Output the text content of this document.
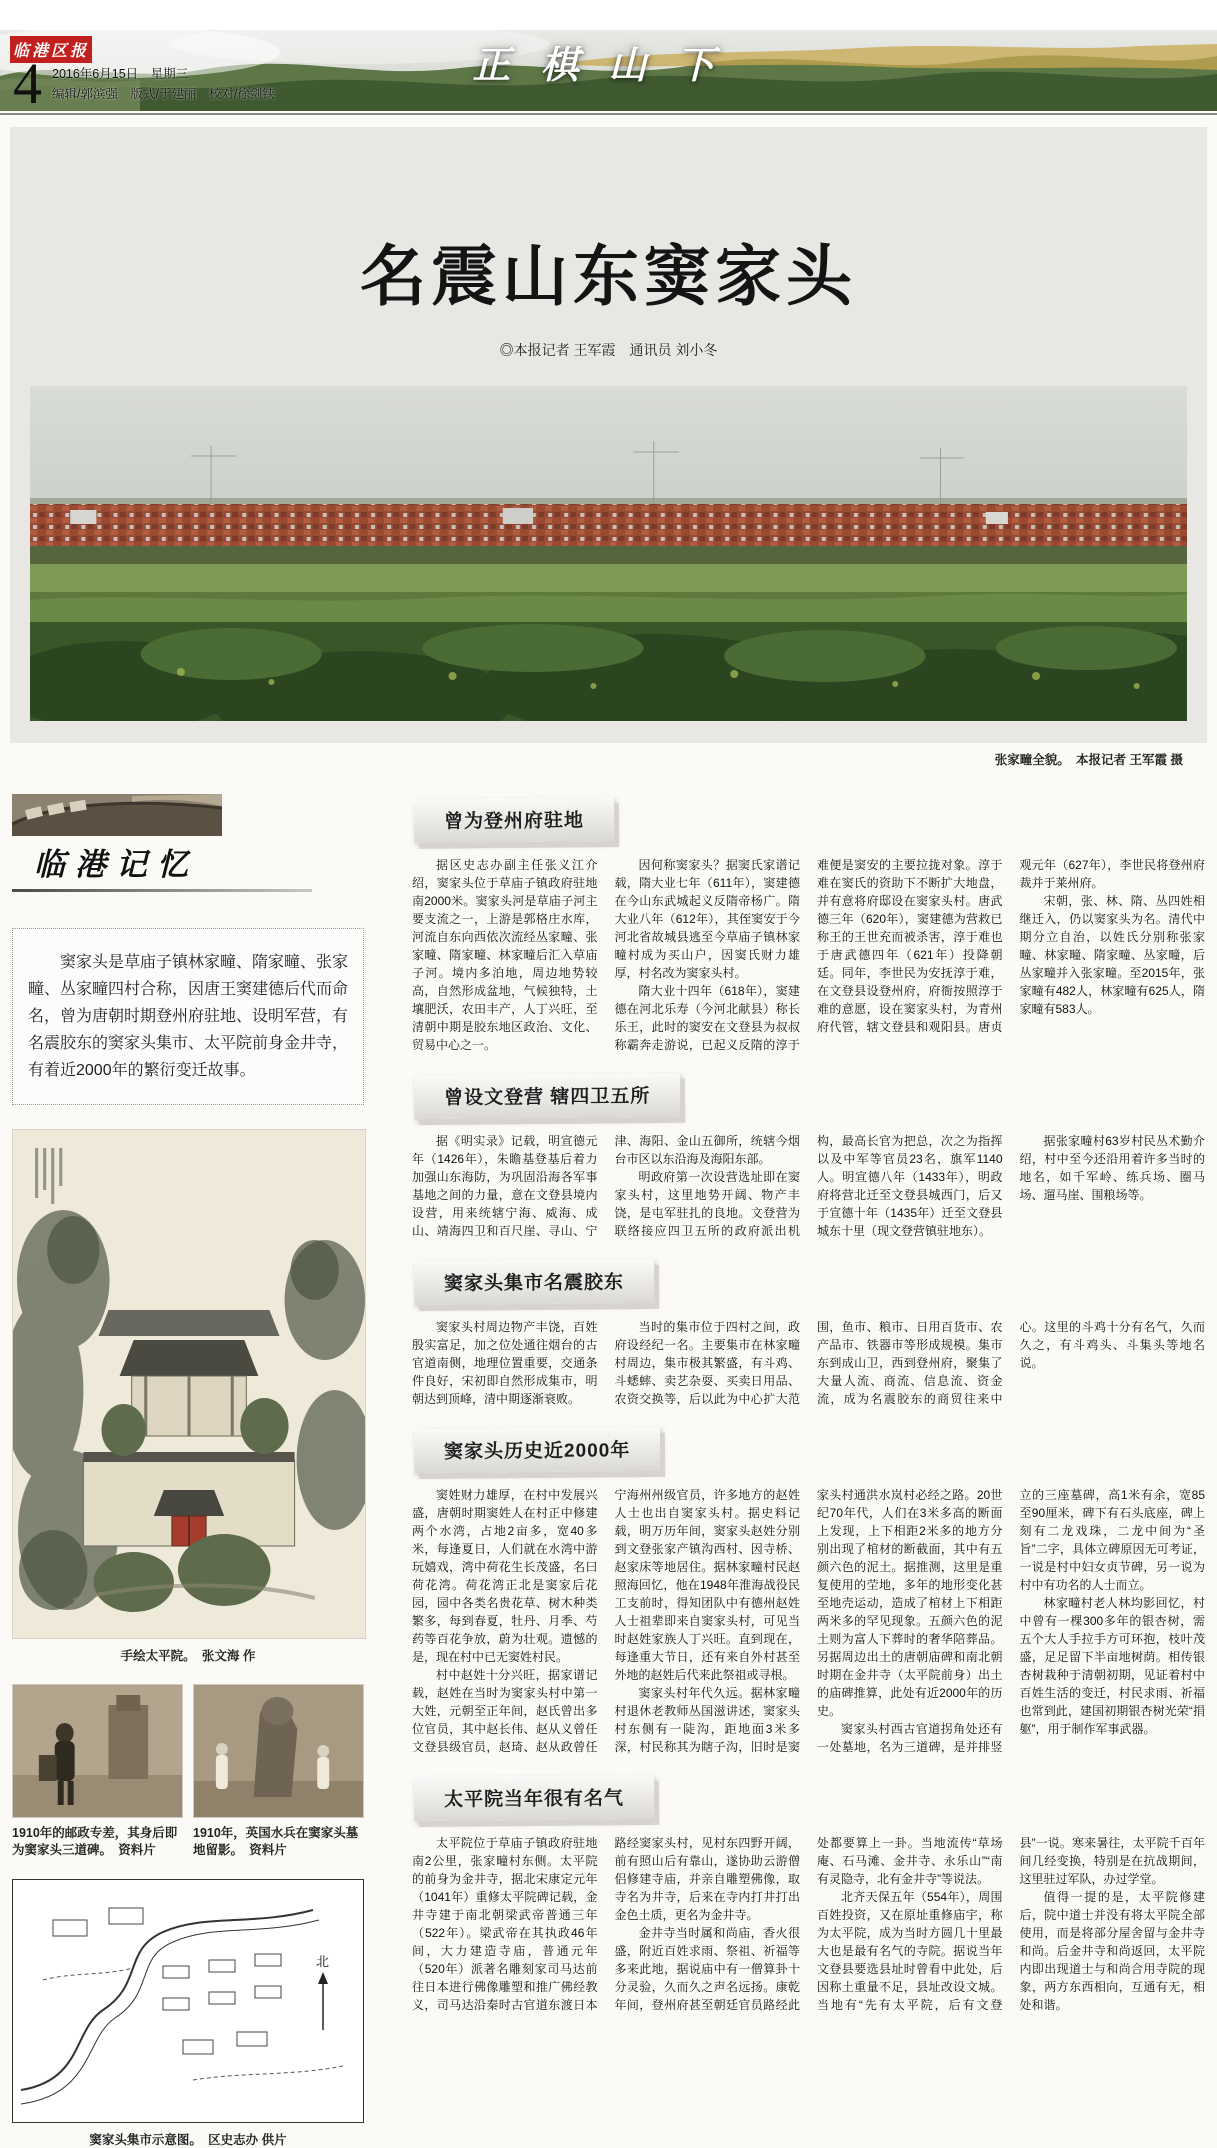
正棋山下
临港区报
4 2016年6月15日　星期三
编辑/郭滨强　版式/于建丽　校对/徐剑铗
名震山东窦家头
◎本报记者 王军霞　通讯员 刘小冬
张家疃全貌。　本报记者 王军霞 摄
临港记忆

窦家头是草庙子镇林家疃、隋家疃、张家疃、丛家疃四村合称，因唐王窦建德后代而命名，曾为唐朝时期登州府驻地、设明军营，有名震胶东的窦家头集市、太平院前身金井寺，有着近2000年的繁衍变迁故事。

手绘太平院。　张文海 作
1910年的邮政专差，其身后即为窦家头三道碑。　资料片
1910年，英国水兵在窦家头墓地留影。　资料片
北
窦家头集市示意图。　区史志办 供片
曾为登州府驻地

据区史志办副主任张义江介绍，窦家头位于草庙子镇政府驻地南2000米。窦家头河是草庙子河主要支流之一，上游是郭格庄水库，河流自东向西依次流经丛家疃、张家疃、隋家疃、林家疃后汇入草庙子河。境内多泊地，周边地势较高，自然形成盆地，气候独特，土壤肥沃，农田丰产，人丁兴旺，至清朝中期是胶东地区政治、文化、贸易中心之一。

因何称窦家头？据窦氏家谱记载，隋大业七年（611年），窦建德在今山东武城起义反隋帝杨广。隋大业八年（612年），其侄窦安于今河北省故城县逃至今草庙子镇林家疃村成为买山户，因窦氏财力雄厚，村名改为窦家头村。

隋大业十四年（618年），窦建德在河北乐寿（今河北献县）称长乐王，此时的窦安在文登县为叔叔称霸奔走游说，已起义反隋的淳于难便是窦安的主要拉拢对象。淳于难在窦氏的资助下不断扩大地盘，并有意将府邸设在窦家头村。唐武德三年（620年），窦建德为营救已称王的王世充而被杀害，淳于难也于唐武德四年（621年）投降朝廷。同年，李世民为安抚淳于难，在文登县设登州府，府衙按照淳于难的意愿，设在窦家头村，为青州府代管，辖文登县和观阳县。唐贞观元年（627年），李世民将登州府裁并于莱州府。

宋朝，张、林、隋、丛四姓相继迁入，仍以窦家头为名。清代中期分立自治，以姓氏分别称张家疃、林家疃、隋家疃、丛家疃，后丛家疃并入张家疃。至2015年，张家疃有482人，林家疃有625人，隋家疃有583人。

曾设文登营 辖四卫五所

据《明实录》记载，明宣德元年（1426年），朱瞻基登基后着力加强山东海防，为巩固沿海各军事基地之间的力量，意在文登县境内设营，用来统辖宁海、威海、成山、靖海四卫和百尺崖、寻山、宁津、海阳、金山五御所，统辖今烟台市区以东沿海及海阳东部。

明政府第一次设营选址即在窦家头村，这里地势开阔、物产丰饶，是屯军驻扎的良地。文登营为联络接应四卫五所的政府派出机构，最高长官为把总，次之为指挥以及中军等官员23名，旗军1140人。明宣德八年（1433年），明政府将营北迁至文登县城西门，后又于宣德十年（1435年）迁至文登县城东十里（现文登营镇驻地东）。

据张家疃村63岁村民丛术勤介绍，村中至今还沿用着许多当时的地名，如千军岭、练兵场、圈马场、遛马崖、围粮场等。

窦家头集市名震胶东

窦家头村周边物产丰饶，百姓殷实富足，加之位处通往烟台的古官道南侧，地理位置重要，交通条件良好，宋初即自然形成集市，明朝达到顶峰，清中期逐渐衰败。

当时的集市位于四村之间，政府设经纪一名。主要集市在林家疃村周边，集市极其繁盛，有斗鸡、斗蟋蟀、卖艺杂耍、买卖日用品、农资交换等，后以此为中心扩大范围，鱼市、粮市、日用百货市、农产品市、铁器市等形成规模。集市东到成山卫，西到登州府，聚集了大量人流、商流、信息流、资金流，成为名震胶东的商贸往来中心。这里的斗鸡十分有名气，久而久之，有斗鸡头、斗集头等地名说。

窦家头历史近2000年

窦姓财力雄厚，在村中发展兴盛，唐朝时期窦姓人在村正中修建两个水湾，占地2亩多，宽40多米，每逢夏日，人们就在水湾中游玩嬉戏，湾中荷花生长茂盛，名曰荷花湾。荷花湾正北是窦家后花园，园中各类名贵花草、树木种类繁多，每到春夏，牡丹、月季、芍药等百花争放，蔚为壮观。遗憾的是，现在村中已无窦姓村民。

村中赵姓十分兴旺，据家谱记载，赵姓在当时为窦家头村中第一大姓，元朝至正年间，赵氏曾出多位官员，其中赵长伟、赵从义曾任文登县级官员，赵琦、赵从政曾任宁海州州级官员，许多地方的赵姓人士也出自窦家头村。据史料记载，明万历年间，窦家头赵姓分别到文登张家产镇沟西村、因寺桥、赵家床等地居住。据林家疃村民赵照海回忆，他在1948年淮海战役民工支前时，得知团队中有德州赵姓人士祖辈即来自窦家头村，可见当时赵姓家族人丁兴旺。直到现在，每逢重大节日，还有来自外村甚至外地的赵姓后代来此祭祖或寻根。

窦家头村年代久远。据林家疃村退休老教师丛国滋讲述，窦家头村东侧有一陡沟，距地面3米多深，村民称其为瞎子沟，旧时是窦家头村通洪水岚村必经之路。20世纪70年代，人们在3米多高的断面上发现，上下相距2米多的地方分别出现了棺材的断截面，其中有五颜六色的泥土。据推测，这里是重复使用的茔地，多年的地形变化甚至地壳运动，造成了棺材上下相距两米多的罕见现象。五颜六色的泥土则为富人下葬时的奢华陪葬品。另据周边出土的唐朝庙碑和南北朝时期在金井寺（太平院前身）出土的庙碑推算，此处有近2000年的历史。

窦家头村西古官道拐角处还有一处墓地，名为三道碑，是并排竖立的三座墓碑，高1米有余，宽85至90厘米，碑下有石头底座，碑上刻有二龙戏珠，二龙中间为“圣旨”二字，具体立碑原因无可考证，一说是村中妇女贞节碑，另一说为村中有功名的人士而立。

林家疃村老人林均影回忆，村中曾有一棵300多年的银杏树，需五个大人手拉手方可环抱，枝叶茂盛，足足留下半亩地树荫。相传银杏树栽种于清朝初期，见证着村中百姓生活的变迁，村民求雨、祈福也常到此，建国初期银杏树光荣“捐躯”，用于制作军事武器。

太平院当年很有名气

太平院位于草庙子镇政府驻地南2公里，张家疃村东侧。太平院的前身为金井寺，据北宋康定元年（1041年）重修太平院碑记载，金井寺建于南北朝梁武帝普通三年（522年）。梁武帝在其执政46年间，大力建造寺庙，普通元年（520年）派著名雕刻家司马达前往日本进行佛像雕塑和推广佛经教义，司马达沿秦时古官道东渡日本路经窦家头村，见村东四野开阔，前有照山后有靠山，遂协助云游僧侣修建寺庙，并亲自雕塑佛像，取寺名为井寺，后来在寺内打井打出金色土质，更名为金井寺。

金井寺当时属和尚庙，香火很盛，附近百姓求雨、祭祖、祈福等多来此地，据说庙中有一僧算卦十分灵验，久而久之声名远扬。康乾年间，登州府甚至朝廷官员路经此处都要算上一卦。当地流传“草场庵、石马滩、金井寺、永乐山”“南有灵隐寺，北有金井寺”等说法。

北齐天保五年（554年），周围百姓投资，又在原址重修庙宇，称为太平院，成为当时方圆几十里最大也是最有名气的寺院。据说当年文登县要选县址时曾看中此处，后因称土重量不足，县址改设文城。当地有“先有太平院，后有文登县”一说。寒来暑往，太平院千百年间几经变换，特别是在抗战期间，这里驻过军队，办过学堂。

值得一提的是，太平院修建后，院中道士并没有将太平院全部使用，而是将部分屋舍留与金井寺和尚。后金井寺和尚返回，太平院内即出现道士与和尚合用寺院的现象，两方东西相向，互通有无，相处和谐。
